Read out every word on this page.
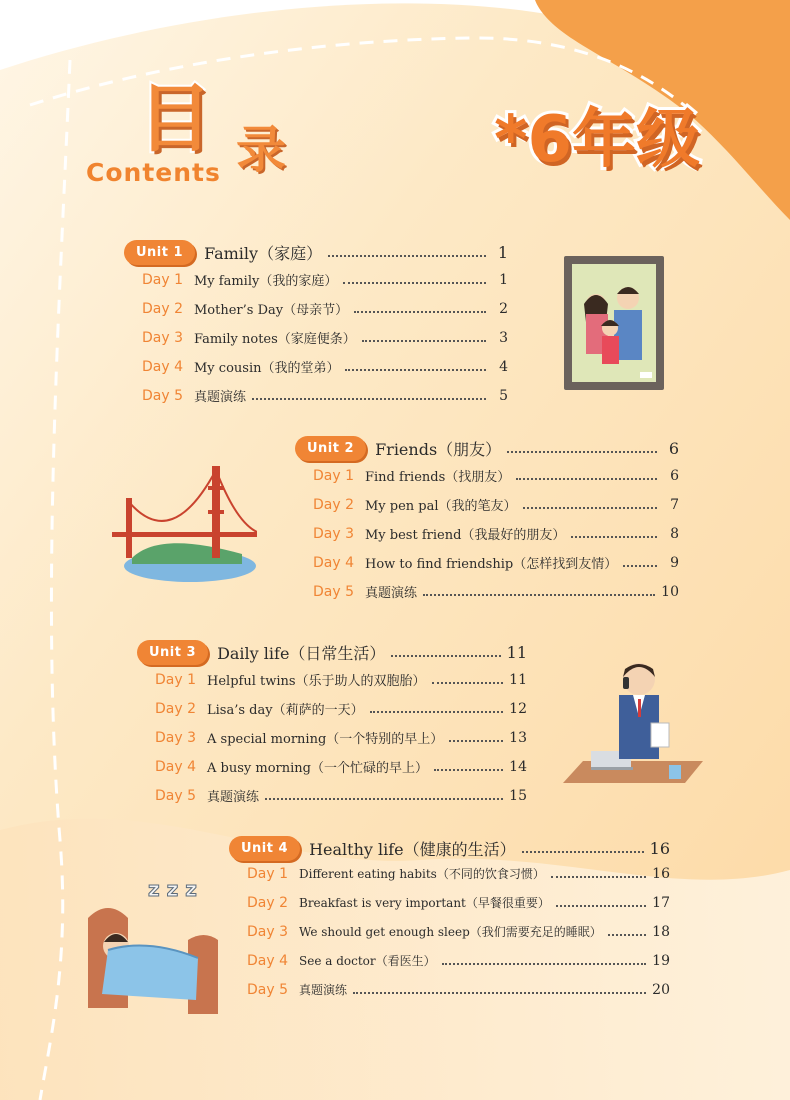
目 录
Contents	*6年级
z z z
Unit 1	Family（家庭）	1
Day 1 My family（我的家庭）	1
Day 2 Mother’s Day（母亲节）	2
Day 3 Family notes（家庭便条）	3
Day 4 My cousin（我的堂弟）	4
Day 5 真题演练	5
Unit 2	Friends（朋友）	6
Day 1 Find friends（找朋友）	6
Day 2 My pen pal（我的笔友）	7
Day 3 My best friend（我最好的朋友）	8
Day 4 How to find friendship（怎样找到友情）	9
Day 5 真题演练	10
Unit 3	Daily life（日常生活）	11
Day 1 Helpful twins（乐于助人的双胞胎）	11
Day 2 Lisa’s day（莉萨的一天）	12
Day 3 A special morning（一个特别的早上）	13
Day 4 A busy morning（一个忙碌的早上）	14
Day 5 真题演练	15
Unit 4	Healthy life（健康的生活）	16
Day 1 Different eating habits（不同的饮食习惯）	16
Day 2 Breakfast is very important（早餐很重要）	17
Day 3 We should get enough sleep（我们需要充足的睡眠）	18
Day 4 See a doctor（看医生）	19
Day 5 真题演练	20
